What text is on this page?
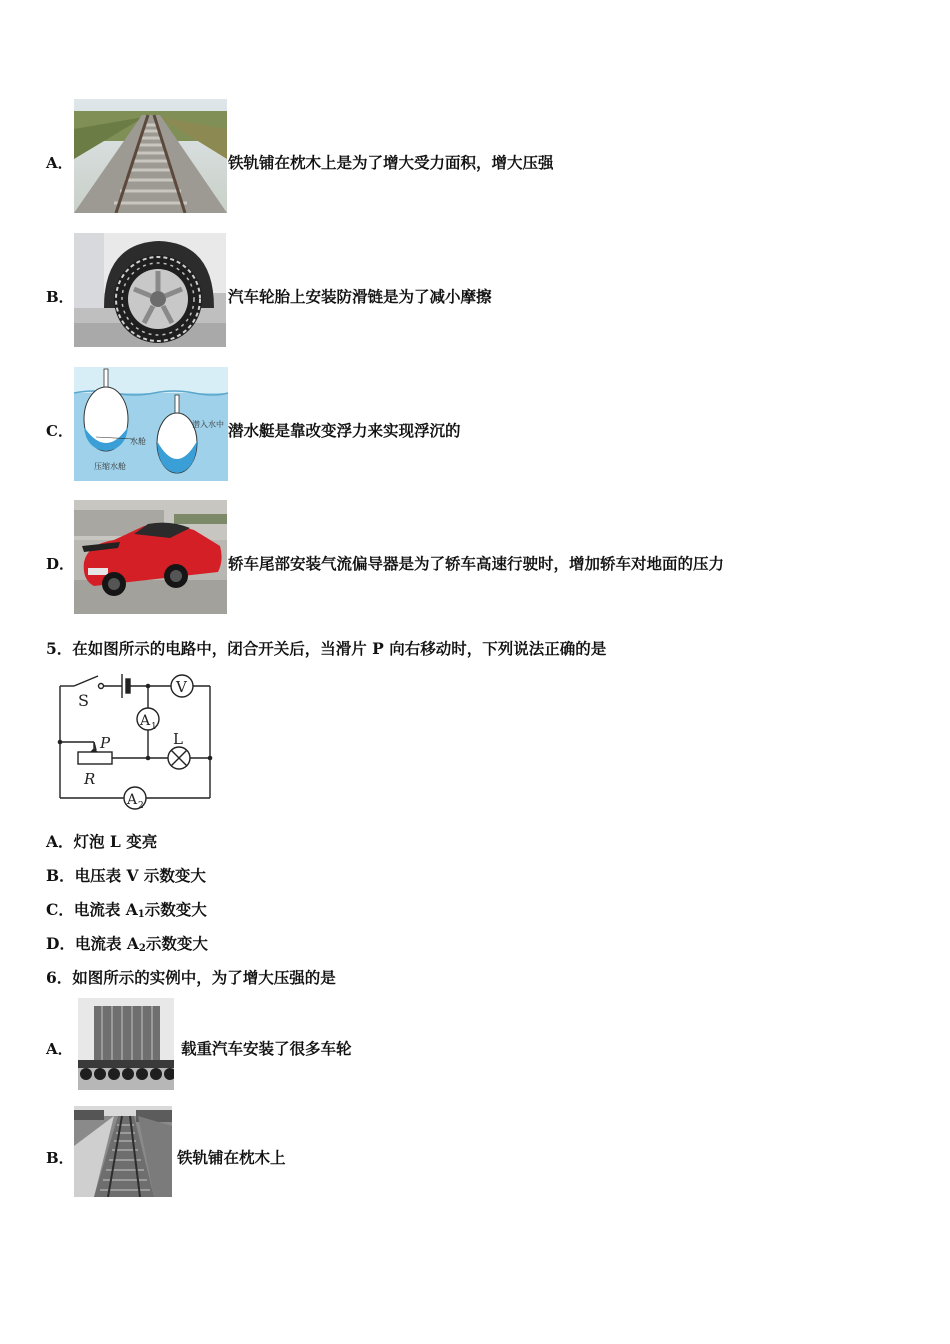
A．	铁轨铺在枕木上是为了增大受力面积，增大压强
B．	汽车轮胎上安装防滑链是为了减小摩擦
C．	潜入水中
水舱
压缩水舱
潜水艇是靠改变浮力来实现浮沉的
D．	轿车尾部安装气流偏导器是为了轿车高速行驶时，增加轿车对地面的压力
5．在如图所示的电路中，闭合开关后，当滑片 P 向右移动时，下列说法正确的是
S
V
A 1
L
P
R
A 2
A．灯泡 L 变亮
B．电压表 V 示数变大
C．电流表 $A_1$示数变大
D．电流表 $A_2$示数变大
6．如图所示的实例中，为了增大压强的是
A．	载重汽车安装了很多车轮
B．	铁轨铺在枕木上
